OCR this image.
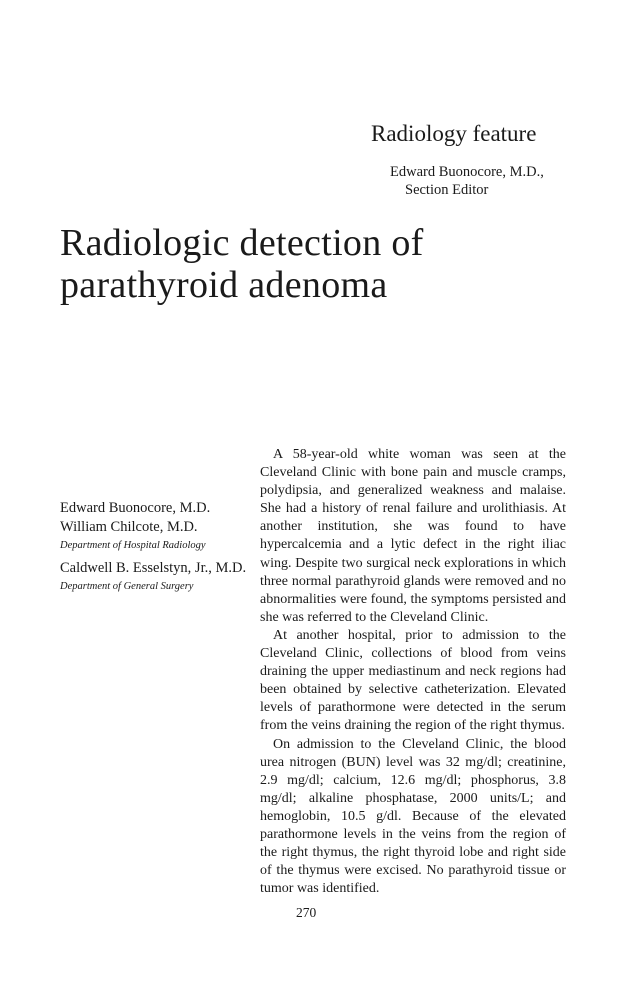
Radiology feature
Edward Buonocore, M.D.,
Section Editor
Radiologic detection of
parathyroid adenoma
Edward Buonocore, M.D.
William Chilcote, M.D.
Department of Hospital Radiology
Caldwell B. Esselstyn, Jr., M.D.
Department of General Surgery

A 58-year-old white woman was seen at the Cleveland Clinic with bone pain and muscle cramps, polydipsia, and generalized weakness and malaise. She had a history of renal failure and urolithiasis. At another institution, she was found to have hypercalcemia and a lytic defect in the right iliac wing. Despite two surgical neck explorations in which three normal parathyroid glands were removed and no abnormalities were found, the symptoms persisted and she was referred to the Cleveland Clinic.

At another hospital, prior to admission to the Cleveland Clinic, collections of blood from veins draining the upper mediastinum and neck regions had been obtained by selective catheterization. Elevated levels of parathormone were detected in the serum from the veins draining the region of the right thymus.

On admission to the Cleveland Clinic, the blood urea nitrogen (BUN) level was 32 mg/dl; creatinine, 2.9 mg/dl; calcium, 12.6 mg/dl; phosphorus, 3.8 mg/dl; alkaline phosphatase, 2000 units/L; and hemoglobin, 10.5 g/dl. Because of the elevated parathormone levels in the veins from the region of the right thymus, the right thyroid lobe and right side of the thymus were excised. No parathyroid tissue or tumor was identified.

270
